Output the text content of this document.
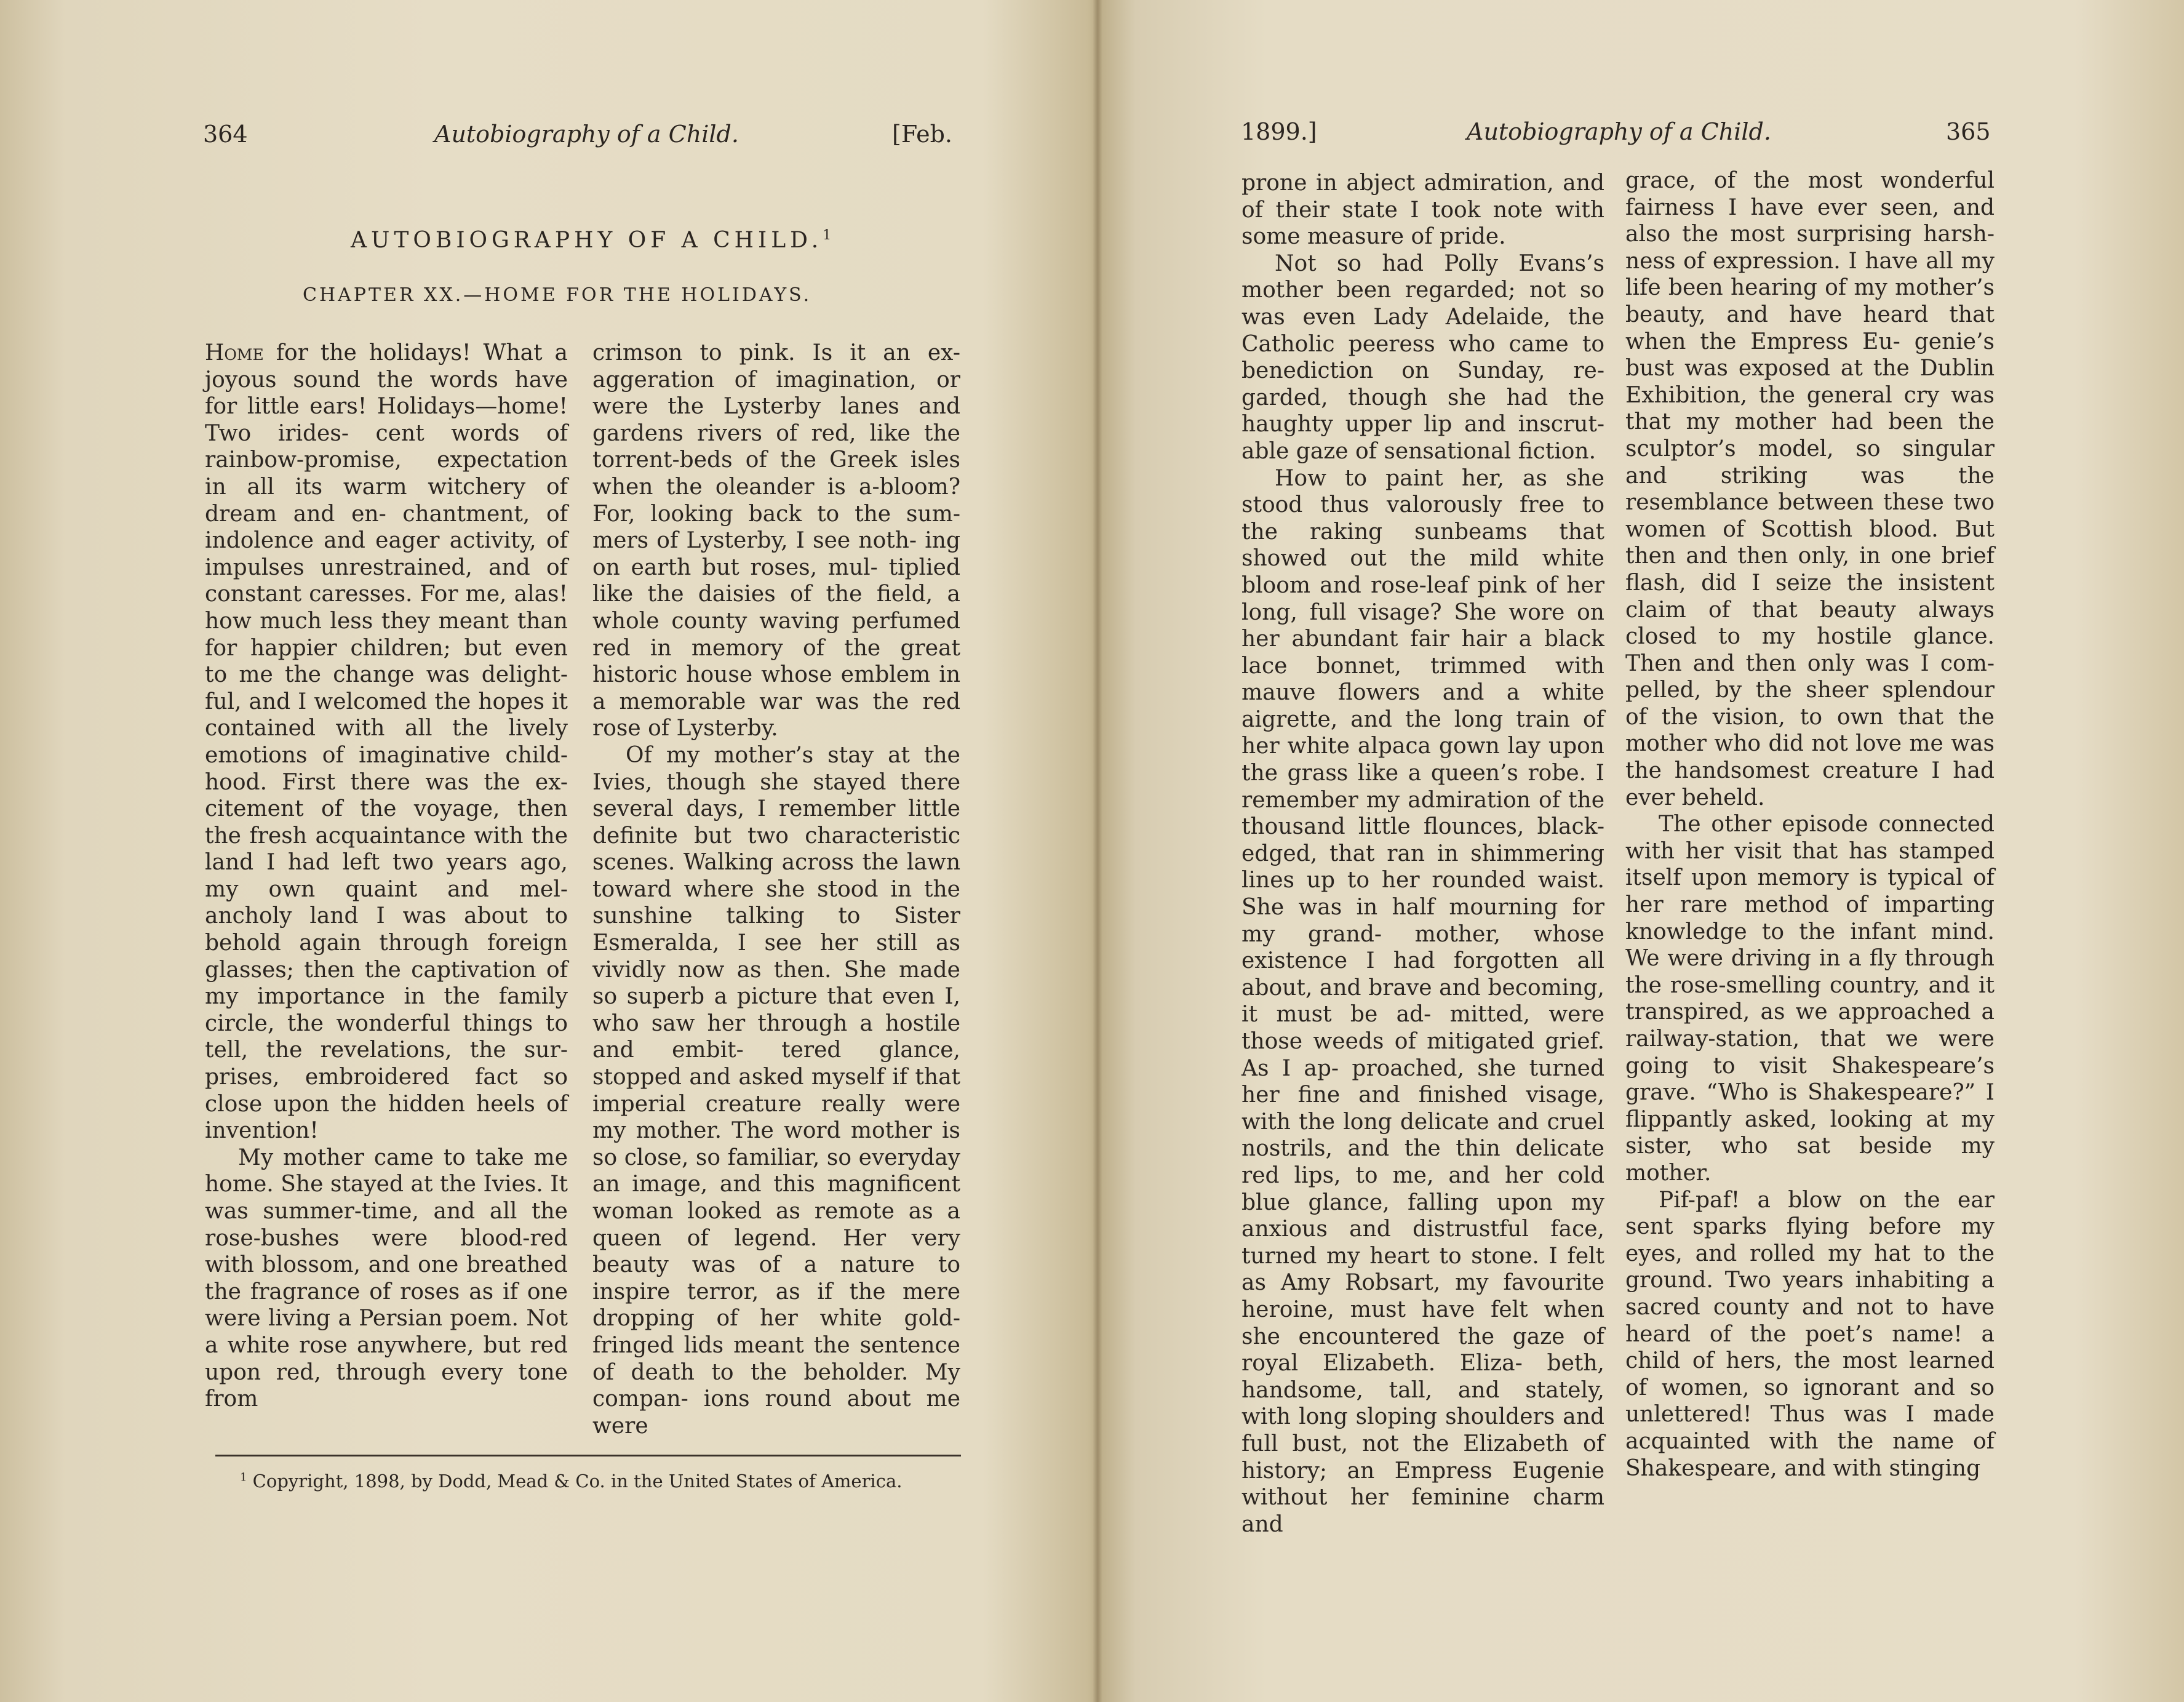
364	Autobiography of a Child.	[Feb.
AUTOBIOGRAPHY OF A CHILD.$^1$
CHAPTER XX.—HOME FOR THE HOLIDAYS.

Home for the holidays! What a joyous sound the words have for little ears! Holidays—home! Two irides- cent words of rainbow-promise, expectation in all its warm witchery of dream and en- chantment, of indolence and eager activity, of impulses unrestrained, and of constant caresses. For me, alas! how much less they meant than for happier children; but even to me the change was delight- ful, and I welcomed the hopes it contained with all the lively emotions of imaginative child- hood. First there was the ex- citement of the voyage, then the fresh acquaintance with the land I had left two years ago, my own quaint and mel- ancholy land I was about to behold again through foreign glasses; then the captivation of my importance in the family circle, the wonderful things to tell, the revelations, the sur- prises, embroidered fact so close upon the hidden heels of invention!

My mother came to take me home. She stayed at the Ivies. It was summer-time, and all the rose-bushes were blood-red with blossom, and one breathed the fragrance of roses as if one were living a Persian poem. Not a white rose anywhere, but red upon red, through every tone from

crimson to pink. Is it an ex- aggeration of imagination, or were the Lysterby lanes and gardens rivers of red, like the torrent-beds of the Greek isles when the oleander is a-bloom? For, looking back to the sum- mers of Lysterby, I see noth- ing on earth but roses, mul- tiplied like the daisies of the field, a whole county waving perfumed red in memory of the great historic house whose emblem in a memorable war was the red rose of Lysterby.

Of my mother’s stay at the Ivies, though she stayed there several days, I remember little definite but two characteristic scenes. Walking across the lawn toward where she stood in the sunshine talking to Sister Esmeralda, I see her still as vividly now as then. She made so superb a picture that even I, who saw her through a hostile and embit- tered glance, stopped and asked myself if that imperial creature really were my mother. The word mother is so close, so familiar, so everyday an image, and this magnificent woman looked as remote as a queen of legend. Her very beauty was of a nature to inspire terror, as if the mere dropping of her white gold-fringed lids meant the sentence of death to the beholder. My compan- ions round about me were

$^1$ Copyright, 1898, by Dodd, Mead & Co. in the United States of America.
1899.]	Autobiography of a Child.	365

prone in abject admiration, and of their state I took note with some measure of pride.

Not so had Polly Evans’s mother been regarded; not so was even Lady Adelaide, the Catholic peeress who came to benediction on Sunday, re- garded, though she had the haughty upper lip and inscrut- able gaze of sensational fiction.

How to paint her, as she stood thus valorously free to the raking sunbeams that showed out the mild white bloom and rose-leaf pink of her long, full visage? She wore on her abundant fair hair a black lace bonnet, trimmed with mauve flowers and a white aigrette, and the long train of her white alpaca gown lay upon the grass like a queen’s robe. I remember my admiration of the thousand little flounces, black-edged, that ran in shimmering lines up to her rounded waist. She was in half mourning for my grand- mother, whose existence I had forgotten all about, and brave and becoming, it must be ad- mitted, were those weeds of mitigated grief. As I ap- proached, she turned her fine and finished visage, with the long delicate and cruel nostrils, and the thin delicate red lips, to me, and her cold blue glance, falling upon my anxious and distrustful face, turned my heart to stone. I felt as Amy Robsart, my favourite heroine, must have felt when she encountered the gaze of royal Elizabeth. Eliza- beth, handsome, tall, and stately, with long sloping shoulders and full bust, not the Elizabeth of history; an Empress Eugenie without her feminine charm and

grace, of the most wonderful fairness I have ever seen, and also the most surprising harsh- ness of expression. I have all my life been hearing of my mother’s beauty, and have heard that when the Empress Eu- genie’s bust was exposed at the Dublin Exhibition, the general cry was that my mother had been the sculptor’s model, so singular and striking was the resemblance between these two women of Scottish blood. But then and then only, in one brief flash, did I seize the insistent claim of that beauty always closed to my hostile glance. Then and then only was I com- pelled, by the sheer splendour of the vision, to own that the mother who did not love me was the handsomest creature I had ever beheld.

The other episode connected with her visit that has stamped itself upon memory is typical of her rare method of imparting knowledge to the infant mind. We were driving in a fly through the rose-smelling country, and it transpired, as we approached a railway-station, that we were going to visit Shakespeare’s grave. “Who is Shakespeare?” I flippantly asked, looking at my sister, who sat beside my mother.

Pif-paf! a blow on the ear sent sparks flying before my eyes, and rolled my hat to the ground. Two years inhabiting a sacred county and not to have heard of the poet’s name! a child of hers, the most learned of women, so ignorant and so unlettered! Thus was I made acquainted with the name of Shakespeare, and with stinging
